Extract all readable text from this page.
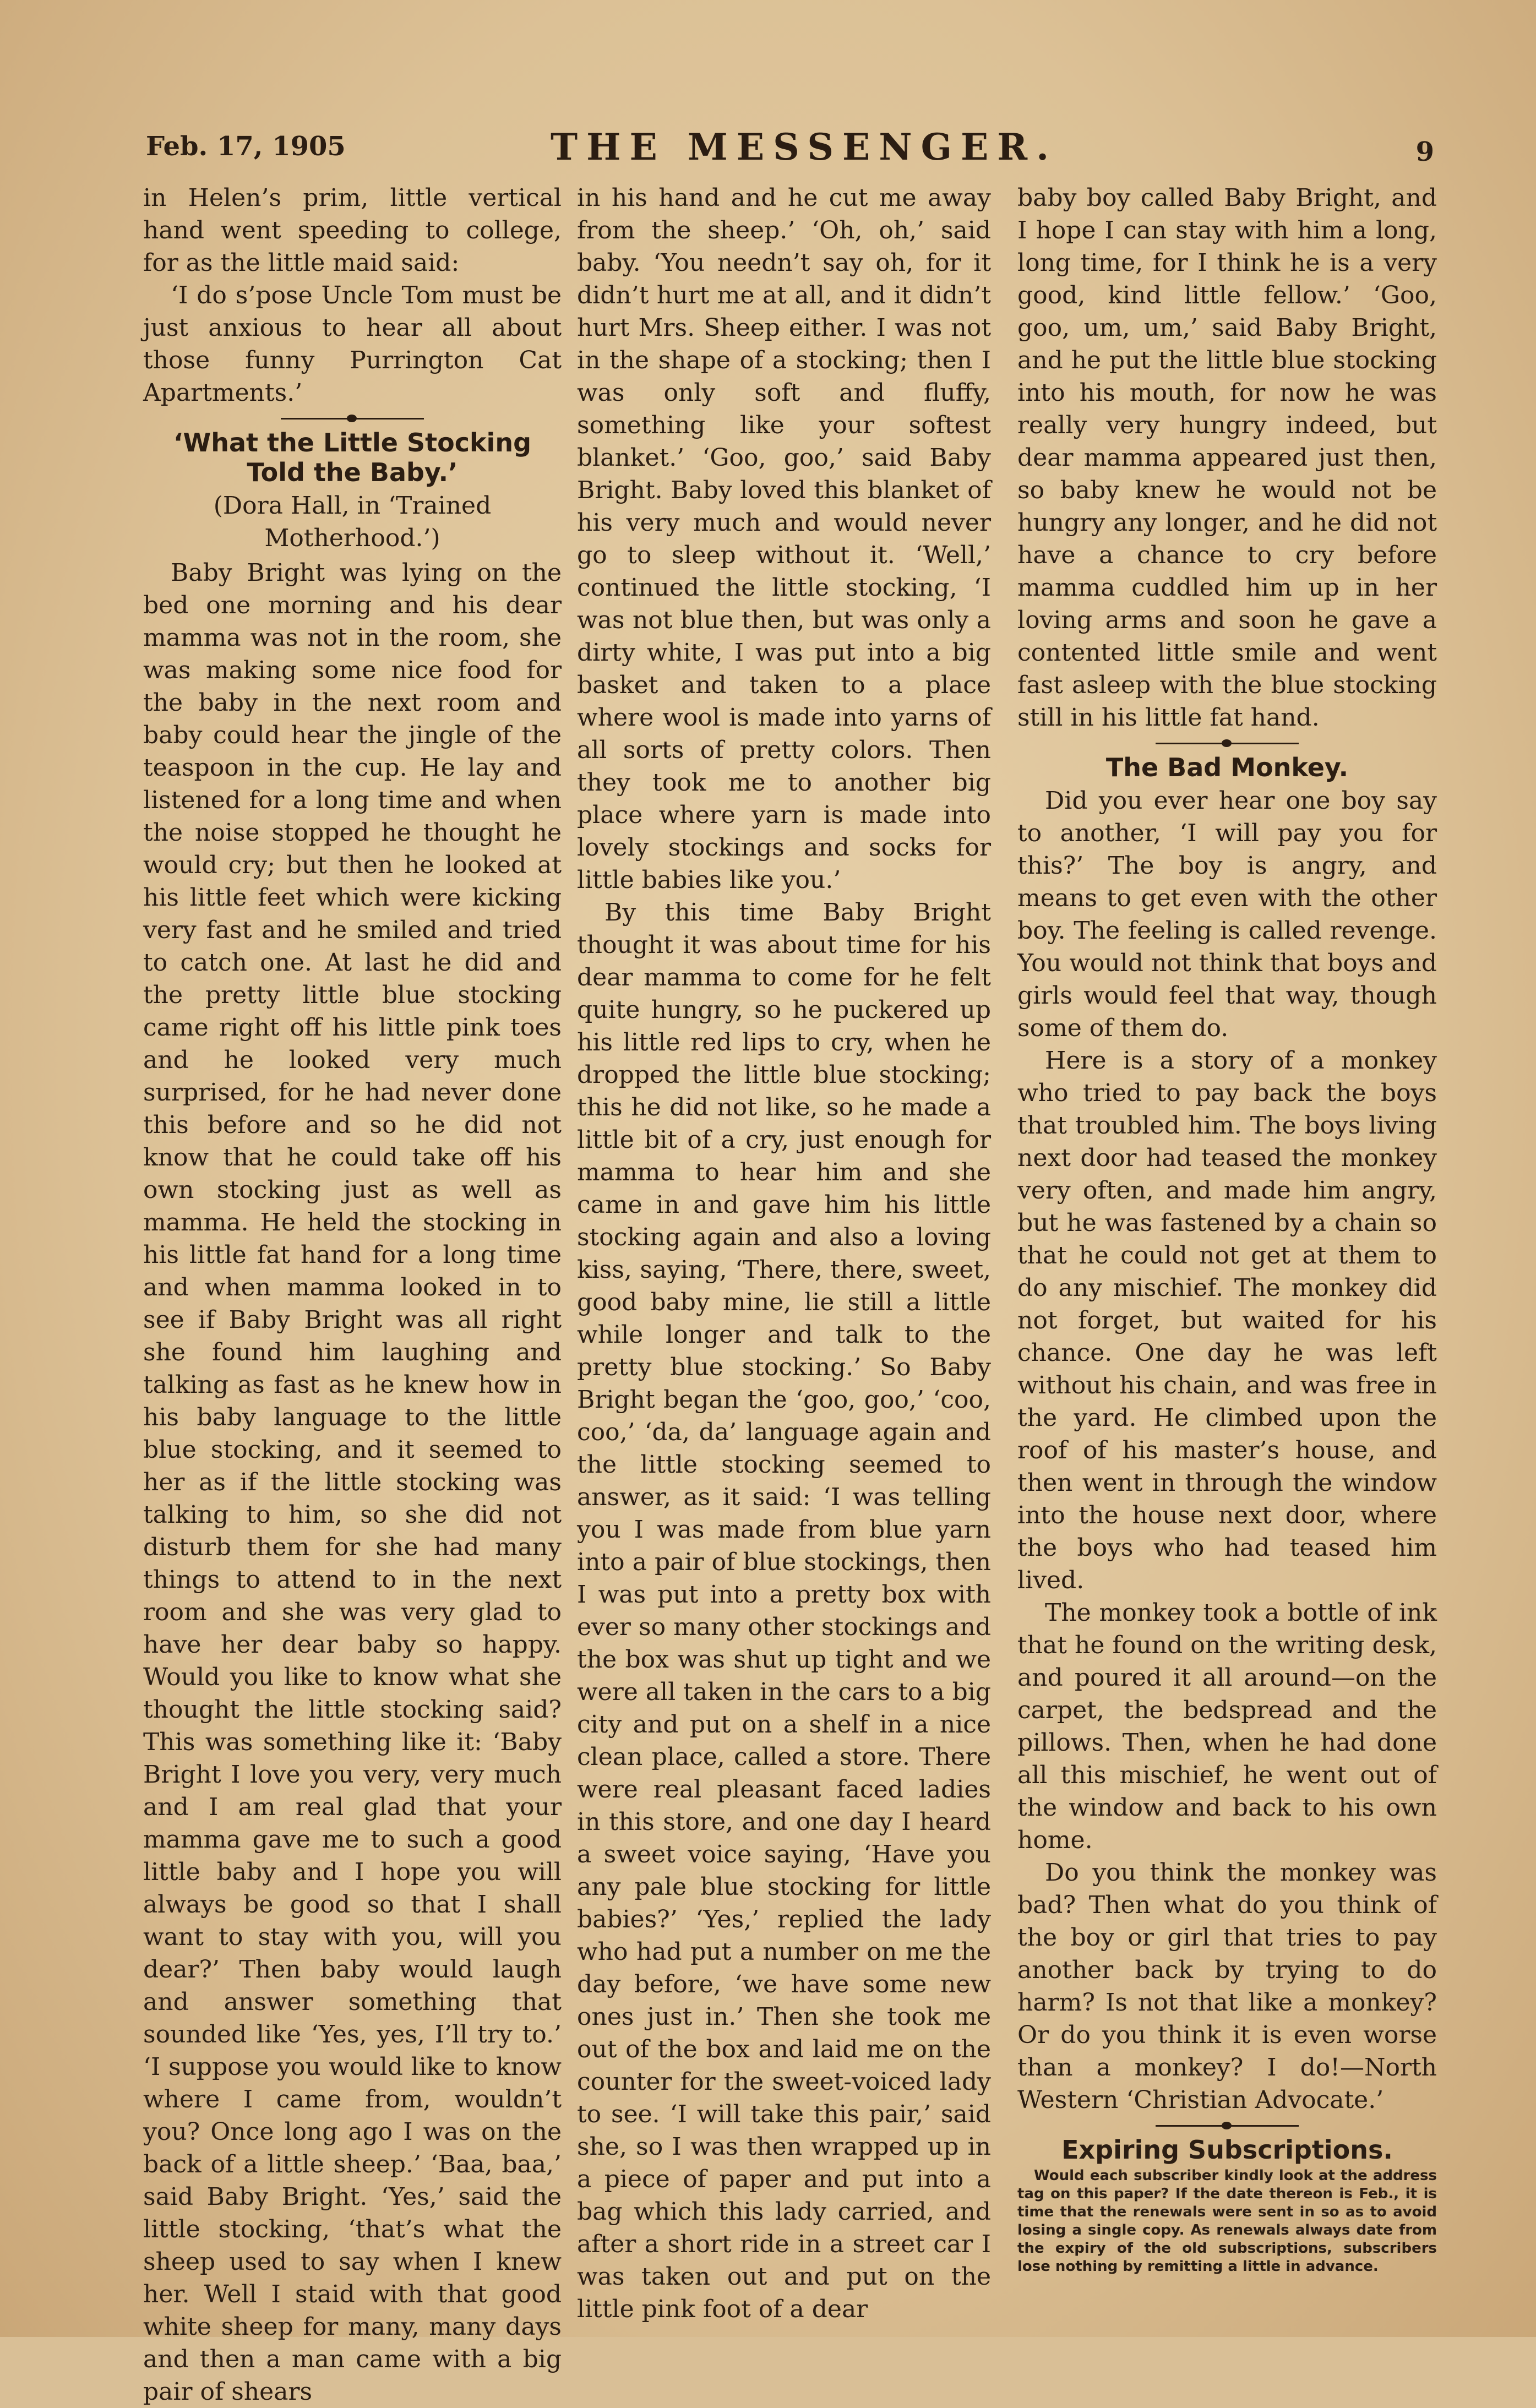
Feb. 17, 1905	THE MESSENGER.	9

in Helen’s prim, little vertical hand went speeding to college, for as the little maid said:

‘I do s’pose Uncle Tom must be just anxious to hear all about those funny Purrington Cat Apartments.’

‘What the Little Stocking Told the Baby.’

(Dora Hall, in ‘Trained Motherhood.’)

Baby Bright was lying on the bed one morning and his dear mamma was not in the room, she was making some nice food for the baby in the next room and baby could hear the jingle of the teaspoon in the cup. He lay and listened for a long time and when the noise stopped he thought he would cry; but then he looked at his little feet which were kicking very fast and he smiled and tried to catch one. At last he did and the pretty little blue stocking came right off his little pink toes and he looked very much surprised, for he had never done this before and so he did not know that he could take off his own stocking just as well as mamma. He held the stocking in his little fat hand for a long time and when mamma looked in to see if Baby Bright was all right she found him laughing and talking as fast as he knew how in his baby language to the little blue stocking, and it seemed to her as if the little stocking was talking to him, so she did not disturb them for she had many things to attend to in the next room and she was very glad to have her dear baby so happy. Would you like to know what she thought the little stocking said? This was something like it: ‘Baby Bright I love you very, very much and I am real glad that your mamma gave me to such a good little baby and I hope you will always be good so that I shall want to stay with you, will you dear?’ Then baby would laugh and answer something that sounded like ‘Yes, yes, I’ll try to.’ ‘I suppose you would like to know where I came from, wouldn’t you? Once long ago I was on the back of a little sheep.’ ‘Baa, baa,’ said Baby Bright. ‘Yes,’ said the little stocking, ‘that’s what the sheep used to say when I knew her. Well I staid with that good white sheep for many, many days and then a man came with a big pair of shears

in his hand and he cut me away from the sheep.’ ‘Oh, oh,’ said baby. ‘You needn’t say oh, for it didn’t hurt me at all, and it didn’t hurt Mrs. Sheep either. I was not in the shape of a stocking; then I was only soft and fluffy, something like your softest blanket.’ ‘Goo, goo,’ said Baby Bright. Baby loved this blanket of his very much and would never go to sleep without it. ‘Well,’ continued the little stocking, ‘I was not blue then, but was only a dirty white, I was put into a big basket and taken to a place where wool is made into yarns of all sorts of pretty colors. Then they took me to another big place where yarn is made into lovely stockings and socks for little babies like you.’

By this time Baby Bright thought it was about time for his dear mamma to come for he felt quite hungry, so he puckered up his little red lips to cry, when he dropped the little blue stocking; this he did not like, so he made a little bit of a cry, just enough for mamma to hear him and she came in and gave him his little stocking again and also a loving kiss, saying, ‘There, there, sweet, good baby mine, lie still a little while longer and talk to the pretty blue stocking.’ So Baby Bright began the ‘goo, goo,’ ‘coo, coo,’ ‘da, da’ language again and the little stocking seemed to answer, as it said: ‘I was telling you I was made from blue yarn into a pair of blue stockings, then I was put into a pretty box with ever so many other stockings and the box was shut up tight and we were all taken in the cars to a big city and put on a shelf in a nice clean place, called a store. There were real pleasant faced ladies in this store, and one day I heard a sweet voice saying, ‘Have you any pale blue stocking for little babies?’ ‘Yes,’ replied the lady who had put a number on me the day before, ‘we have some new ones just in.’ Then she took me out of the box and laid me on the counter for the sweet-voiced lady to see. ‘I will take this pair,’ said she, so I was then wrapped up in a piece of paper and put into a bag which this lady carried, and after a short ride in a street car I was taken out and put on the little pink foot of a dear

baby boy called Baby Bright, and I hope I can stay with him a long, long time, for I think he is a very good, kind little fellow.’ ‘Goo, goo, um, um,’ said Baby Bright, and he put the little blue stocking into his mouth, for now he was really very hungry indeed, but dear mamma appeared just then, so baby knew he would not be hungry any longer, and he did not have a chance to cry before mamma cuddled him up in her loving arms and soon he gave a contented little smile and went fast asleep with the blue stocking still in his little fat hand.

The Bad Monkey.

Did you ever hear one boy say to another, ‘I will pay you for this?’ The boy is angry, and means to get even with the other boy. The feeling is called revenge. You would not think that boys and girls would feel that way, though some of them do.

Here is a story of a monkey who tried to pay back the boys that troubled him. The boys living next door had teased the monkey very often, and made him angry, but he was fastened by a chain so that he could not get at them to do any mischief. The monkey did not forget, but waited for his chance. One day he was left without his chain, and was free in the yard. He climbed upon the roof of his master’s house, and then went in through the window into the house next door, where the boys who had teased him lived.

The monkey took a bottle of ink that he found on the writing desk, and poured it all around—on the carpet, the bedspread and the pillows. Then, when he had done all this mischief, he went out of the window and back to his own home.

Do you think the monkey was bad? Then what do you think of the boy or girl that tries to pay another back by trying to do harm? Is not that like a monkey? Or do you think it is even worse than a monkey? I do!—North Western ‘Christian Advocate.’

Expiring Subscriptions.

Would each subscriber kindly look at the address tag on this paper? If the date thereon is Feb., it is time that the renewals were sent in so as to avoid losing a single copy. As renewals always date from the expiry of the old subscriptions, subscribers lose nothing by remitting a little in advance.
